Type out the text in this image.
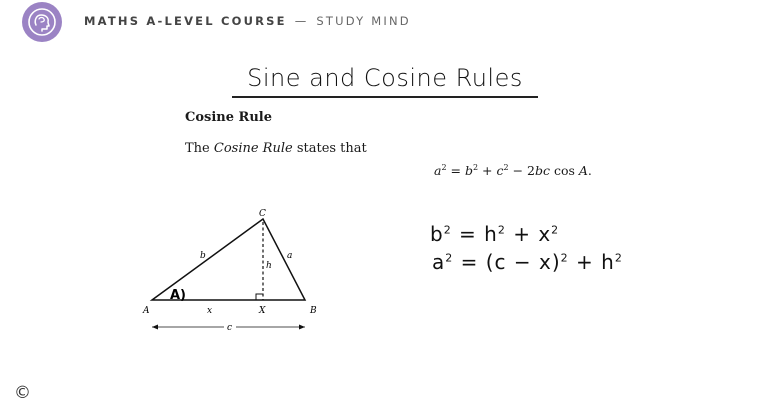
MATHS A-LEVEL COURSE — STUDY MIND
Sine and Cosine Rules
Cosine Rule
The Cosine Rule states that
$a^2 = b^2 + c^2 - 2bc$ cos A.
A	B
C
X
a
b
c
h
x
A)
$b^2 = h^2 + x^2$
$a^2 = (c - x)^2 + h^2$
©
